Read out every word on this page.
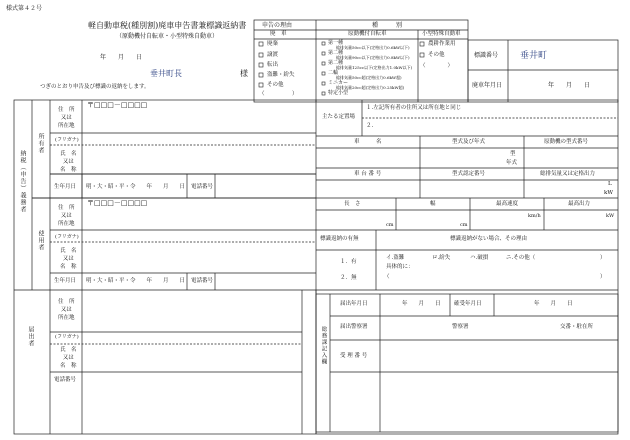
様式第４２号
軽自動車税(種別割)廃車申告書兼標識返納書
（原動機付自転車・小型特殊自動車）
年　　月　　日
垂井町長	様
つぎのとおり申告及び標識の返納をします。
申告の理由	種　　　別
原動機付自転車	小型特殊自動車
廃　車
廃棄
譲渡
転出
盗難・紛失
その他
（　　　　　）
第一種
総排気量50cc以下(定格出力0.6kW以下)
第二種
総排気量90cc以下(定格出力0.8kW以下)
第二種
総排気量125cc以下(定格出力1.0kW以下)
二輪
総排気量50cc超(定格出力0.6kW超)
ミニカー
総排気量20cc超(定格出力0.25kW超)
特定小型
農耕作業用
その他
（　　　　）
標識番号 垂井町
廃車年月日	年　　月　　日
納税（申告）義務者
所有者
使用者
住　所
又は
所在地
〒□□□－□□□□
(フリガナ)
氏　名
又は
名　称
生年月日 明・大・昭・平・令　　年　　月　　日 電話番号
住　所
又は
所在地
〒□□□－□□□□
(フリガナ)
氏　名
又は
名　称
生年月日 明・大・昭・平・令　　年　　月　　日 電話番号
主たる定置場
１.左記所有者の住所又は所在地と同じ
２.
車　　　名	型式及び年式	原動機の型式番号
型
年式
車 台 番 号	型式認定番号	総排気量又は定格出力
L
kW
長　さ	幅	最高速度	最高出力
cm	cm
km/h	kW
標識返納の有無	標識返納がない場合、その理由
１．有
２．無
イ.盗難	ロ.紛失	ハ.破損	ニ.その他（	）
具体的に：
（	）
届出者
住　所
又は
所在地
(フリガナ)
氏　名
又は
名　称
電話番号
総務課記入欄
届出年月日	年　　月　　日 確受年月日	年　　月　　日
届出警察署	警察署	交番・駐在所
受 理 番 号
